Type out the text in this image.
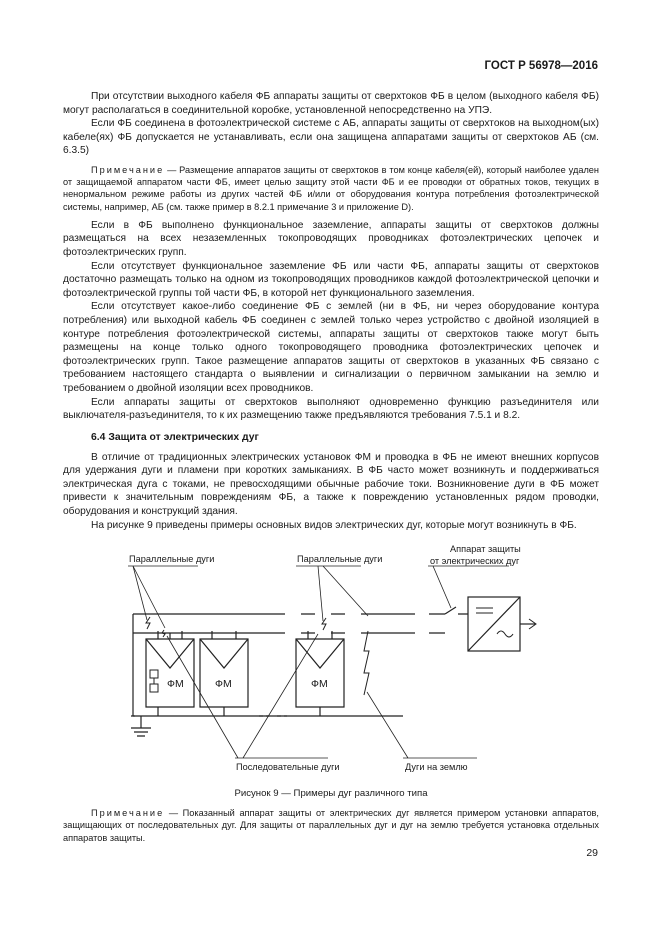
ГОСТ Р 56978—2016

При отсутствии выходного кабеля ФБ аппараты защиты от сверхтоков ФБ в целом (выходного кабеля ФБ) могут располагаться в соединительной коробке, установленной непосредственно на УПЭ.

Если ФБ соединена в фотоэлектрической системе с АБ, аппараты защиты от сверхтоков на выходном(ых) кабеле(ях) ФБ допускается не устанавливать, если она защищена аппаратами защиты от сверхтоков АБ (см. 6.3.5)

Примечание — Размещение аппаратов защиты от сверхтоков в том конце кабеля(ей), который наиболее удален от защищаемой аппаратом части ФБ, имеет целью защиту этой части ФБ и ее проводки от обратных токов, текущих в ненормальном режиме работы из других частей ФБ и/или от оборудования контура потребления фотоэлектрической системы, например, АБ (см. также пример в 8.2.1 примечание 3 и приложение D).

Если в ФБ выполнено функциональное заземление, аппараты защиты от сверхтоков должны размещаться на всех незаземленных токопроводящих проводниках фотоэлектрических цепочек и фотоэлектрических групп.

Если отсутствует функциональное заземление ФБ или части ФБ, аппараты защиты от сверхтоков достаточно размещать только на одном из токопроводящих проводников каждой фотоэлектрической цепочки и фотоэлектрической группы той части ФБ, в которой нет функционального заземления.

Если отсутствует какое-либо соединение ФБ с землей (ни в ФБ, ни через оборудование контура потребления) или выходной кабель ФБ соединен с землей только через устройство с двойной изоляцией в контуре потребления фотоэлектрической системы, аппараты защиты от сверхтоков также могут быть размещены на конце только одного токопроводящего проводника фотоэлектрических цепочек и фотоэлектрических групп. Такое размещение аппаратов защиты от сверхтоков в указанных ФБ связано с требованием настоящего стандарта о выявлении и сигнализации о первичном замыкании на землю и требованием о двойной изоляции всех проводников.

Если аппараты защиты от сверхтоков выполняют одновременно функцию разъединителя или выключателя-разъединителя, то к их размещению также предъявляются требования 7.5.1 и 8.2.

6.4 Защита от электрических дуг

В отличие от традиционных электрических установок ФМ и проводка в ФБ не имеют внешних корпусов для удержания дуги и пламени при коротких замыканиях. В ФБ часто может возникнуть и поддерживаться электрическая дуга с токами, не превосходящими обычные рабочие токи. Возникновение дуги в ФБ может привести к значительным повреждениям ФБ, а также к повреждению установленных рядом проводки, оборудования и конструкций здания.

На рисунке 9 приведены примеры основных видов электрических дуг, которые могут возникнуть в ФБ.

ФМ	ФМ	ФМ
Параллельные дуги	Параллельные дуги
Аппарат защиты
от электрических дуг
Последовательные дуги	Дуги на землю
Рисунок 9 — Примеры дуг различного типа

Примечание — Показанный аппарат защиты от электрических дуг является примером установки аппаратов, защищающих от последовательных дуг. Для защиты от параллельных дуг и дуг на землю требуется установка отдельных аппаратов защиты.

29
